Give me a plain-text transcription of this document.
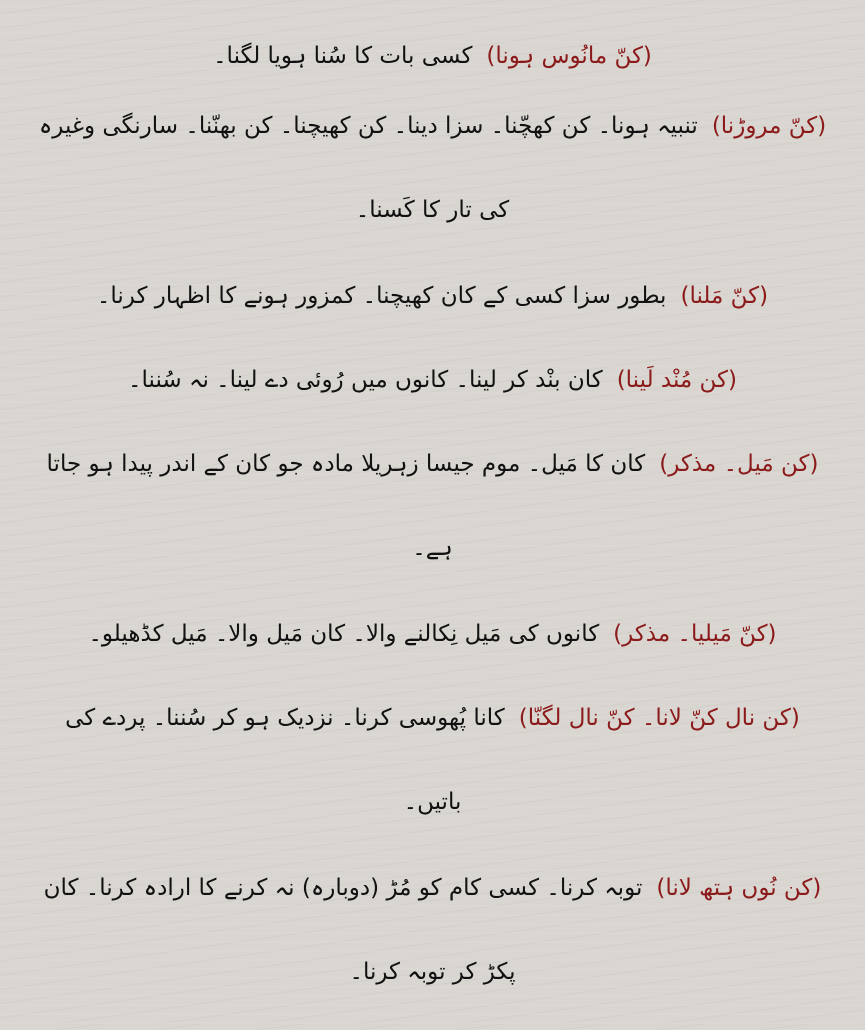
(کنّ مانُوس ہونا)کسی بات کا سُنا ہویا لگنا۔

(کنّ مروڑنا)تنبیہ ہونا۔ کن کھچّنا۔ سزا دینا۔ کن کھیچنا۔ کن بھنّنا۔ سارنگی وغیرہ

کی تار کا کَسنا۔

(کنّ مَلنا)بطور سزا کسی کے کان کھیچنا۔ کمزور ہونے کا اظہار کرنا۔

(کن مُنْد لَینا)کان بنْد کر لینا۔ کانوں میں رُوئی دے لینا۔ نہ سُننا۔

(کن مَیل۔ مذکر)کان کا مَیل۔ موم جیسا زہریلا مادہ جو کان کے اندر پیدا ہو جاتا

ہے۔

(کنّ مَیلیا۔ مذکر)کانوں کی مَیل نِکالنے والا۔ کان مَیل والا۔ مَیل کڈھیلو۔

(کن نال کنّ لانا۔ کنّ نال لگنّا)کانا پُھوسی کرنا۔ نزدیک ہو کر سُننا۔ پردے کی

باتیں۔

(کن نُوں ہتھ لانا)توبہ کرنا۔ کسی کام کو مُڑ (دوبارہ) نہ کرنے کا ارادہ کرنا۔ کان

پکڑ کر توبہ کرنا۔
